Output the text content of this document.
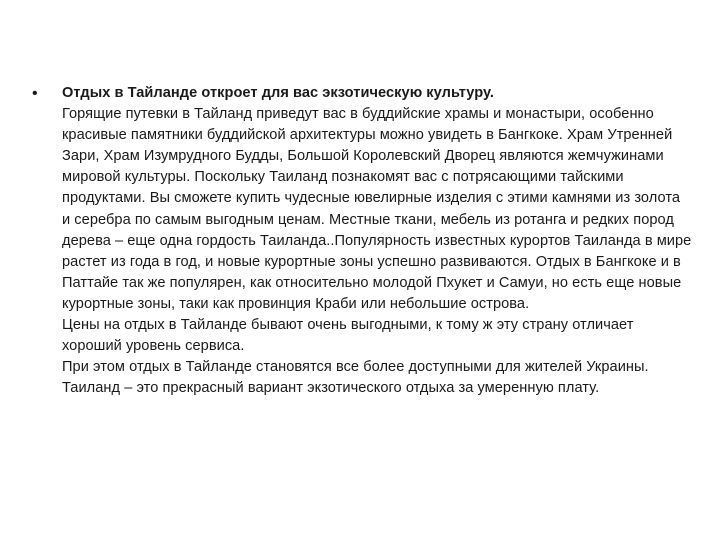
•	Отдых в Тайланде откроет для вас экзотическую культуру.
Горящие путевки в Тайланд приведут вас в буддийские храмы и монастыри, особенно красивые памятники буддийской архитектуры можно увидеть в Бангкоке. Храм Утренней Зари, Храм Изумрудного Будды, Большой Королевский Дворец являются жемчужинами мировой культуры. Поскольку Таиланд познакомят вас с потрясающими тайскими продуктами. Вы сможете купить чудесные ювелирные изделия с этими камнями из золота и серебра по самым выгодным ценам. Местные ткани, мебель из ротанга и редких пород дерева – еще одна гордость Таиланда..Популярность известных курортов Таиланда в мире растет из года в год, и новые курортные зоны успешно развиваются. Отдых в Бангкоке и в Паттайе так же популярен, как относительно молодой Пхукет и Самуи, но есть еще новые курортные зоны, таки как провинция Краби или небольшие острова.
Цены на отдых в Тайланде бывают очень выгодными, к тому ж эту страну отличает хороший уровень сервиса.
При этом отдых в Тайланде становятся все более доступными для жителей Украины. Таиланд – это прекрасный вариант экзотического отдыха за умеренную плату.
